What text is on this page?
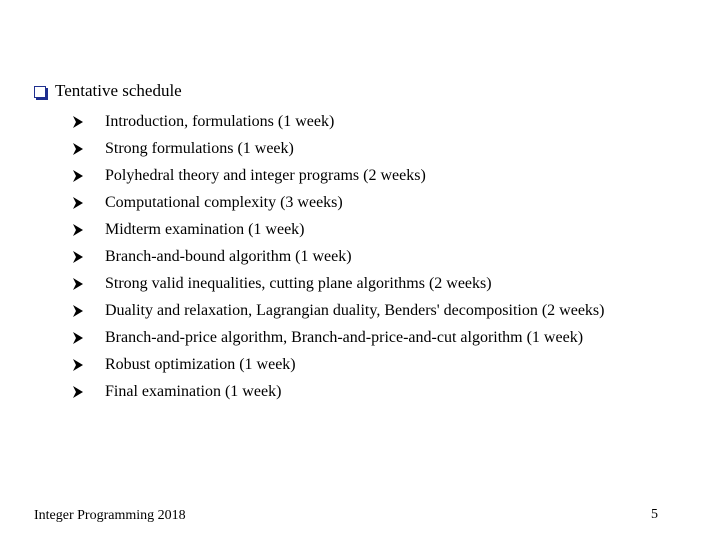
Tentative schedule
Introduction, formulations (1 week)
Strong formulations (1 week)
Polyhedral theory and integer programs (2 weeks)
Computational complexity (3 weeks)
Midterm examination (1 week)
Branch-and-bound algorithm (1 week)
Strong valid inequalities, cutting plane algorithms (2 weeks)
Duality and relaxation, Lagrangian duality, Benders' decomposition (2 weeks)
Branch-and-price algorithm, Branch-and-price-and-cut algorithm (1 week)
Robust optimization (1 week)
Final examination (1 week)
Integer Programming 2018	5
